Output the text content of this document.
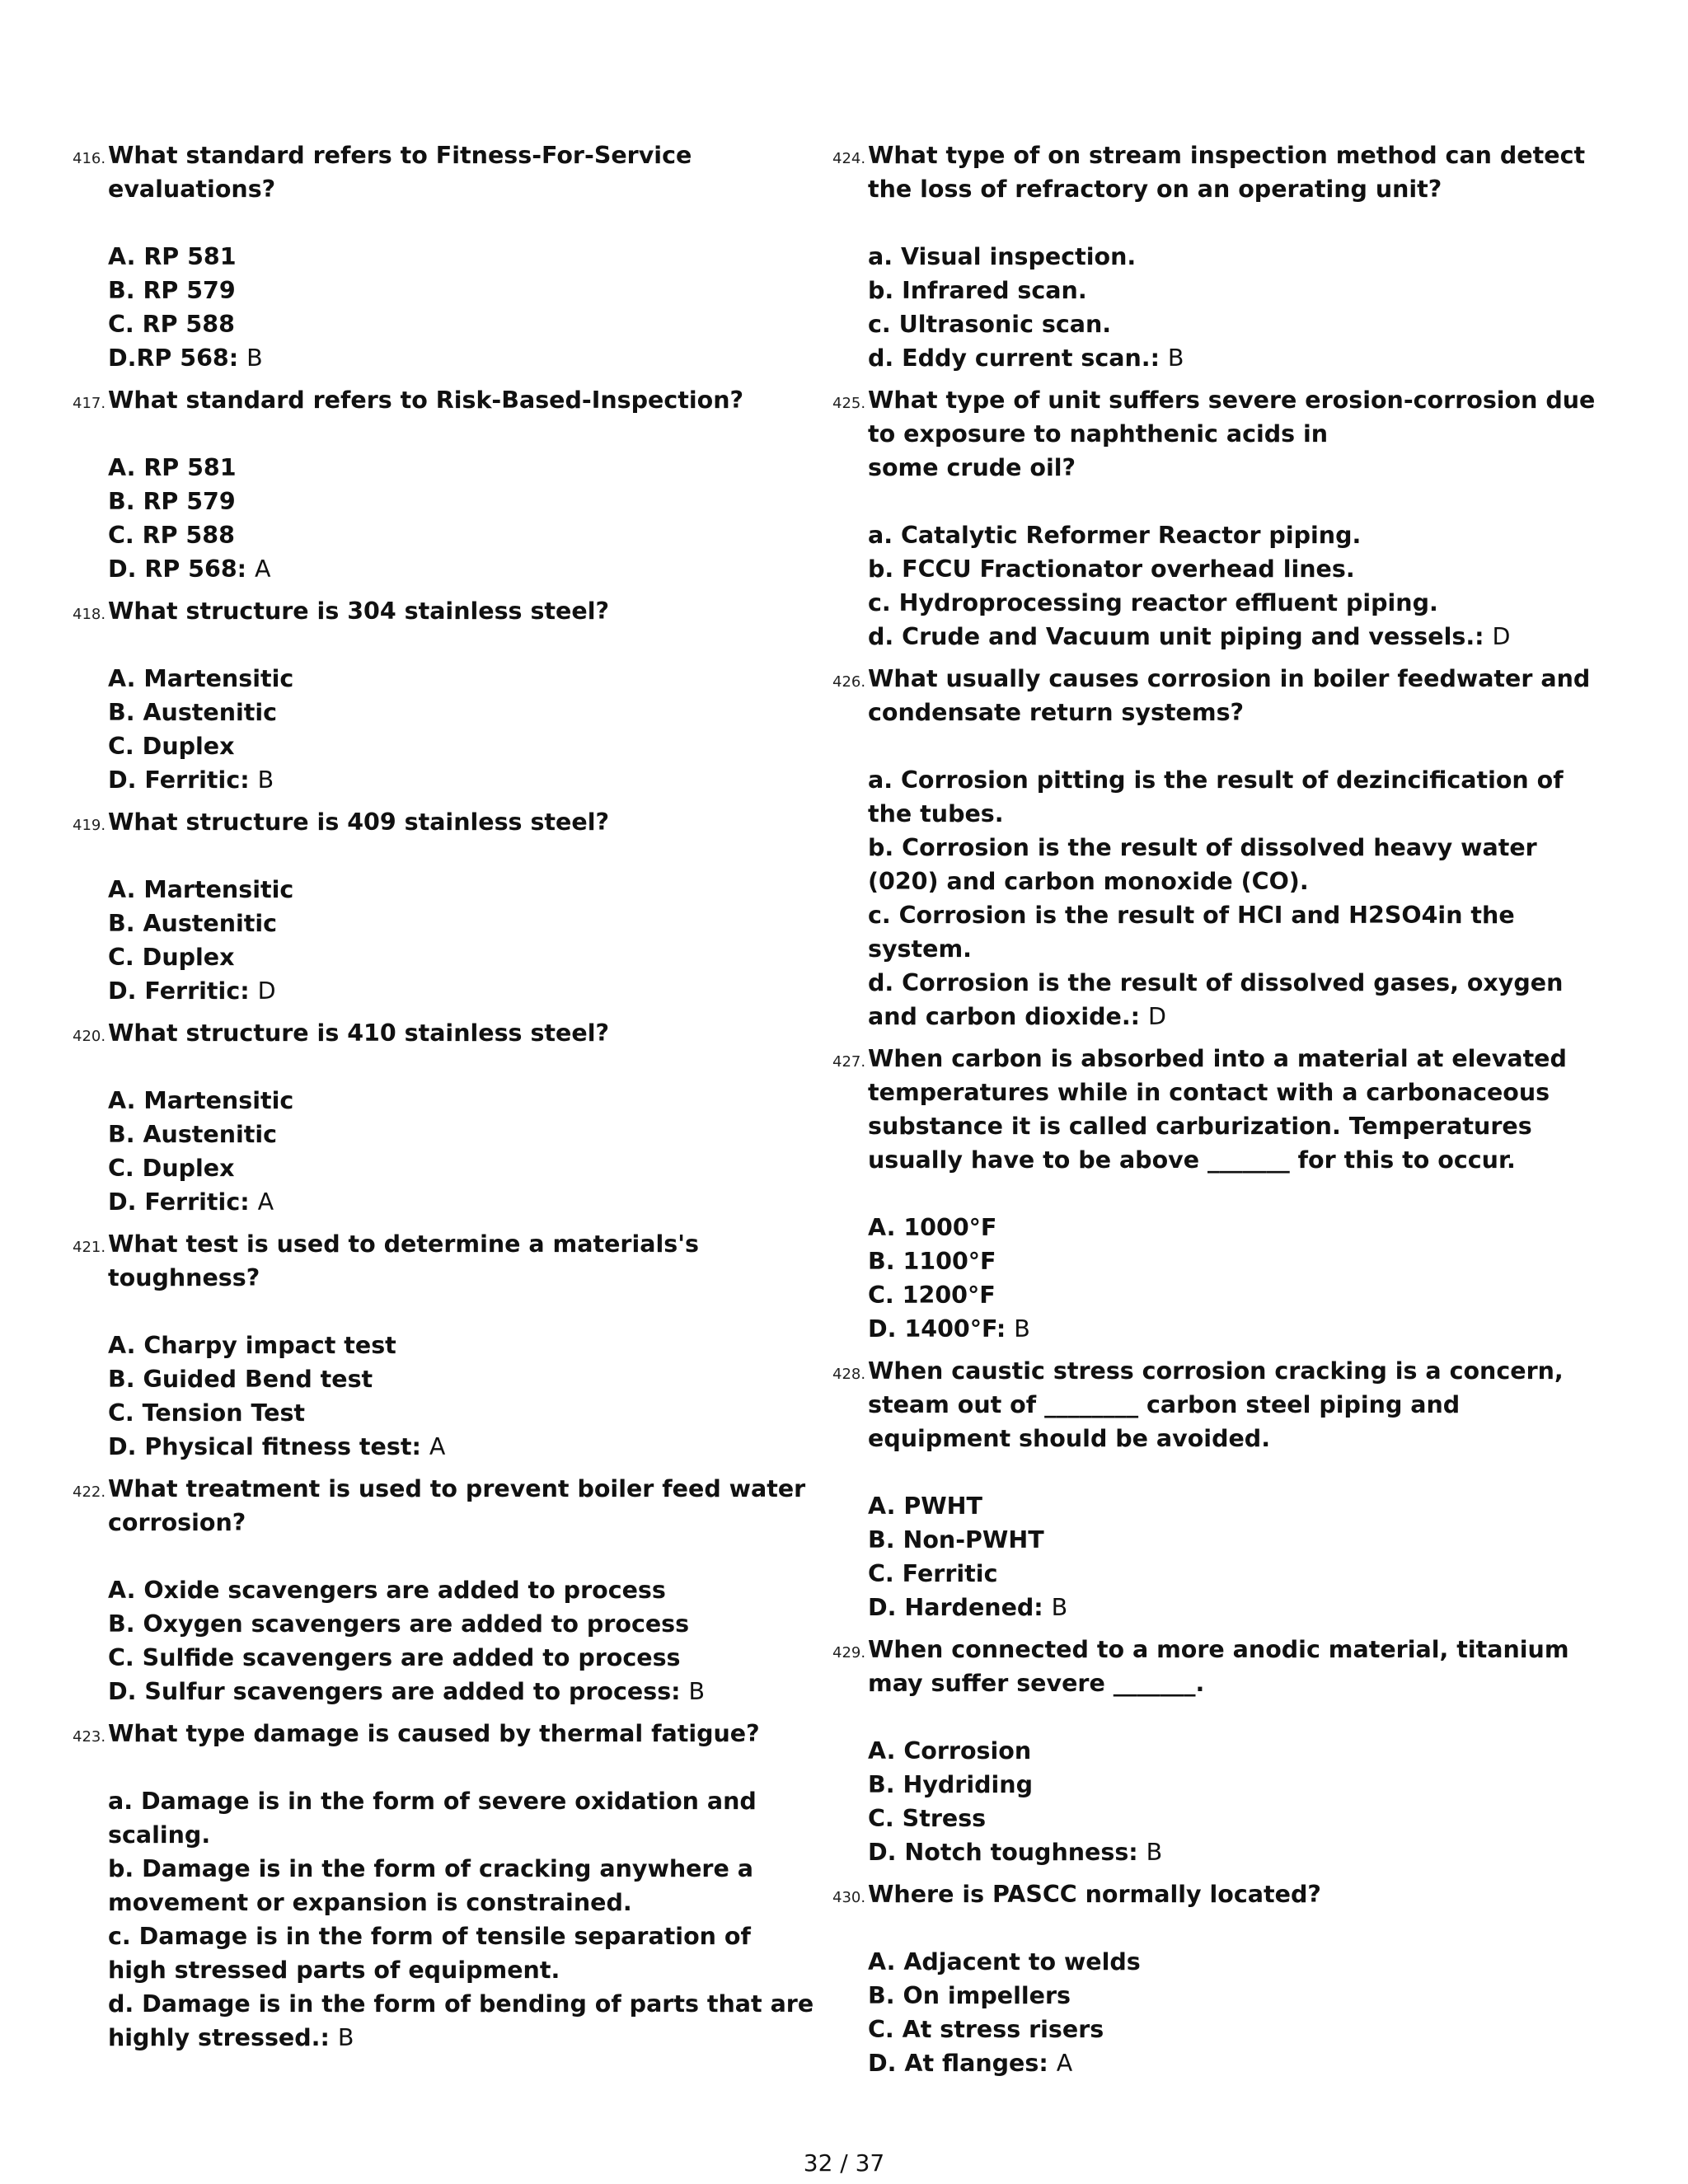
416. What standard refers to Fitness-For-Service evaluations?
A. RP 581
B. RP 579
C. RP 588
D.RP 568: B
417. What standard refers to Risk-Based-Inspection?
A. RP 581
B. RP 579
C. RP 588
D. RP 568: A
418. What structure is 304 stainless steel?
A. Martensitic
B. Austenitic
C. Duplex
D. Ferritic: B
419. What structure is 409 stainless steel?
A. Martensitic
B. Austenitic
C. Duplex
D. Ferritic: D
420. What structure is 410 stainless steel?
A. Martensitic
B. Austenitic
C. Duplex
D. Ferritic: A
421. What test is used to determine a materials's toughness?
A. Charpy impact test
B. Guided Bend test
C. Tension Test
D. Physical fitness test: A
422. What treatment is used to prevent boiler feed water corrosion?
A. Oxide scavengers are added to process
B. Oxygen scavengers are added to process
C. Sulfide scavengers are added to process
D. Sulfur scavengers are added to process: B
423. What type damage is caused by thermal fatigue?
a. Damage is in the form of severe oxidation and scaling.
b. Damage is in the form of cracking anywhere a movement or expansion is constrained.
c. Damage is in the form of tensile separation of high stressed parts of equipment.
d. Damage is in the form of bending of parts that are highly stressed.: B
424. What type of on stream inspection method can detect the loss of refractory on an operating unit?
a. Visual inspection.
b. Infrared scan.
c. Ultrasonic scan.
d. Eddy current scan.: B
425. What type of unit suffers severe erosion-corrosion due to exposure to naphthenic acids in
some crude oil?
a. Catalytic Reformer Reactor piping.
b. FCCU Fractionator overhead lines.
c. Hydroprocessing reactor effluent piping.
d. Crude and Vacuum unit piping and vessels.: D
426. What usually causes corrosion in boiler feedwater and condensate return systems?
a. Corrosion pitting is the result of dezincification of the tubes.
b. Corrosion is the result of dissolved heavy water (020) and carbon monoxide (CO).
c. Corrosion is the result of HCI and H2SO4in the system.
d. Corrosion is the result of dissolved gases, oxygen and carbon dioxide.: D
427. When carbon is absorbed into a material at elevated temperatures while in contact with a carbonaceous substance it is called carburization. Temperatures usually have to be above _______ for this to occur.
A. 1000°F
B. 1100°F
C. 1200°F
D. 1400°F: B
428. When caustic stress corrosion cracking is a concern, steam out of ________ carbon steel piping and equipment should be avoided.
A. PWHT
B. Non-PWHT
C. Ferritic
D. Hardened: B
429. When connected to a more anodic material, titanium may suffer severe _______.
A. Corrosion
B. Hydriding
C. Stress
D. Notch toughness: B
430. Where is PASCC normally located?
A. Adjacent to welds
B. On impellers
C. At stress risers
D. At flanges: A
32 / 37
